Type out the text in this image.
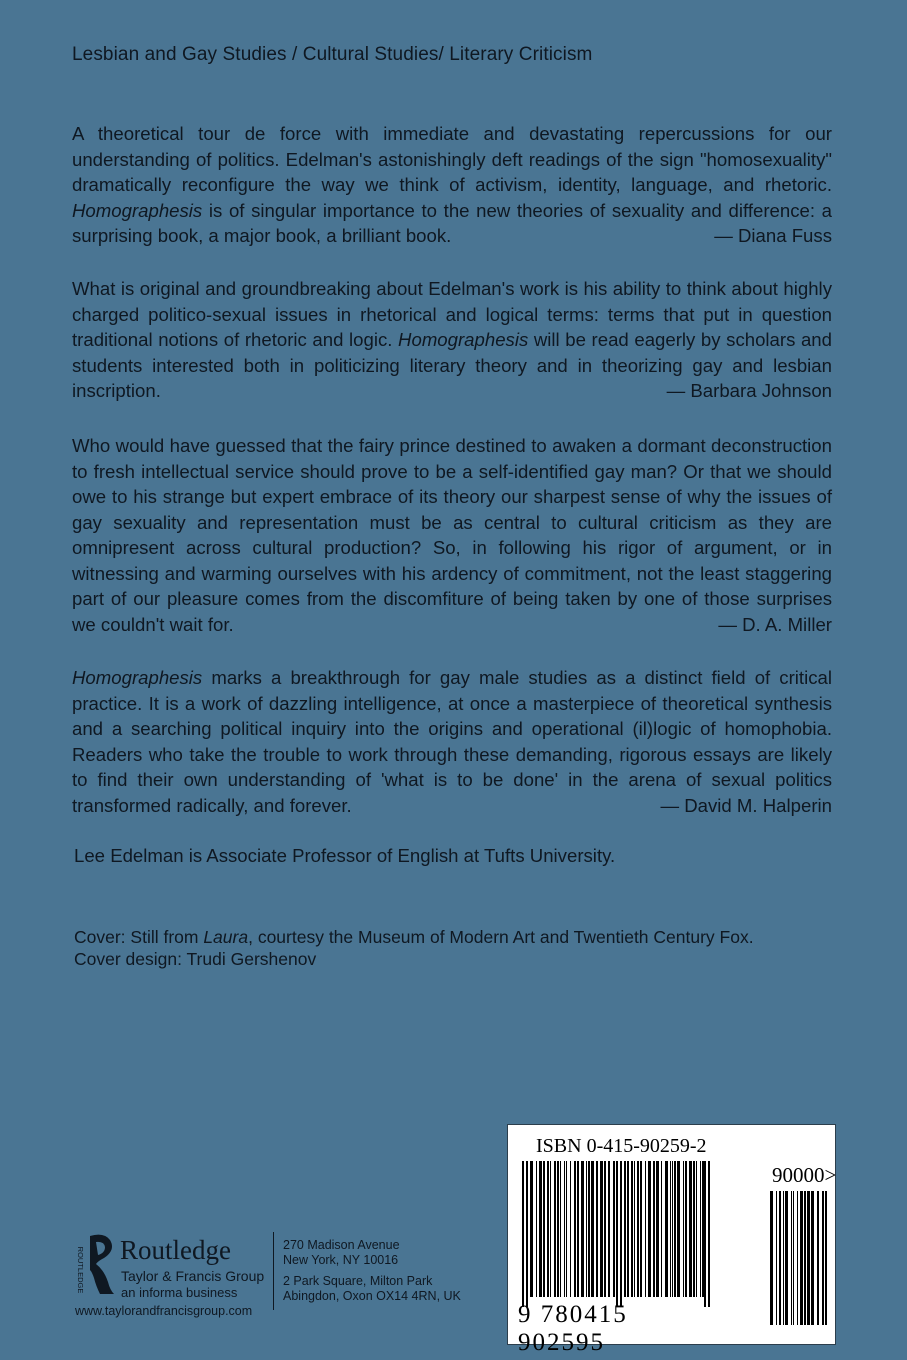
Lesbian and Gay Studies / Cultural Studies/ Literary Criticism
A theoretical tour de force with immediate and devastating repercussions for our understanding of politics. Edelman's astonishingly deft readings of the sign "homosexuality" dramatically reconfigure the way we think of activism, identity, language, and rhetoric. Homographesis is of singular importance to the new theories of sexuality and difference: a surprising book, a major book, a brilliant book.	— Diana Fuss
What is original and groundbreaking about Edelman's work is his ability to think about highly charged politico-sexual issues in rhetorical and logical terms: terms that put in question traditional notions of rhetoric and logic. Homographesis will be read eagerly by scholars and students interested both in politicizing literary theory and in theorizing gay and lesbian inscription.	— Barbara Johnson
Who would have guessed that the fairy prince destined to awaken a dormant deconstruction to fresh intellectual service should prove to be a self-identified gay man? Or that we should owe to his strange but expert embrace of its theory our sharpest sense of why the issues of gay sexuality and representation must be as central to cultural criticism as they are omnipresent across cultural production? So, in following his rigor of argument, or in witnessing and warming ourselves with his ardency of commitment, not the least staggering part of our pleasure comes from the discomfiture of being taken by one of those surprises we couldn't wait for.	— D. A. Miller
Homographesis marks a breakthrough for gay male studies as a distinct field of critical practice. It is a work of dazzling intelligence, at once a masterpiece of theoretical synthesis and a searching political inquiry into the origins and operational (il)logic of homophobia. Readers who take the trouble to work through these demanding, rigorous essays are likely to find their own understanding of 'what is to be done' in the arena of sexual politics transformed radically, and forever.	— David M. Halperin
Lee Edelman is Associate Professor of English at Tufts University.
Cover: Still from Laura, courtesy the Museum of Modern Art and Twentieth Century Fox.
Cover design: Trudi Gershenov
ISBN 0-415-90259-2
90000>
9 780415 902595
ROUTLEDGE Routledge
Taylor & Francis Group
an informa business
270 Madison Avenue
New York, NY 10016
2 Park Square, Milton Park
Abingdon, Oxon OX14 4RN, UK
www.taylorandfrancisgroup.com
